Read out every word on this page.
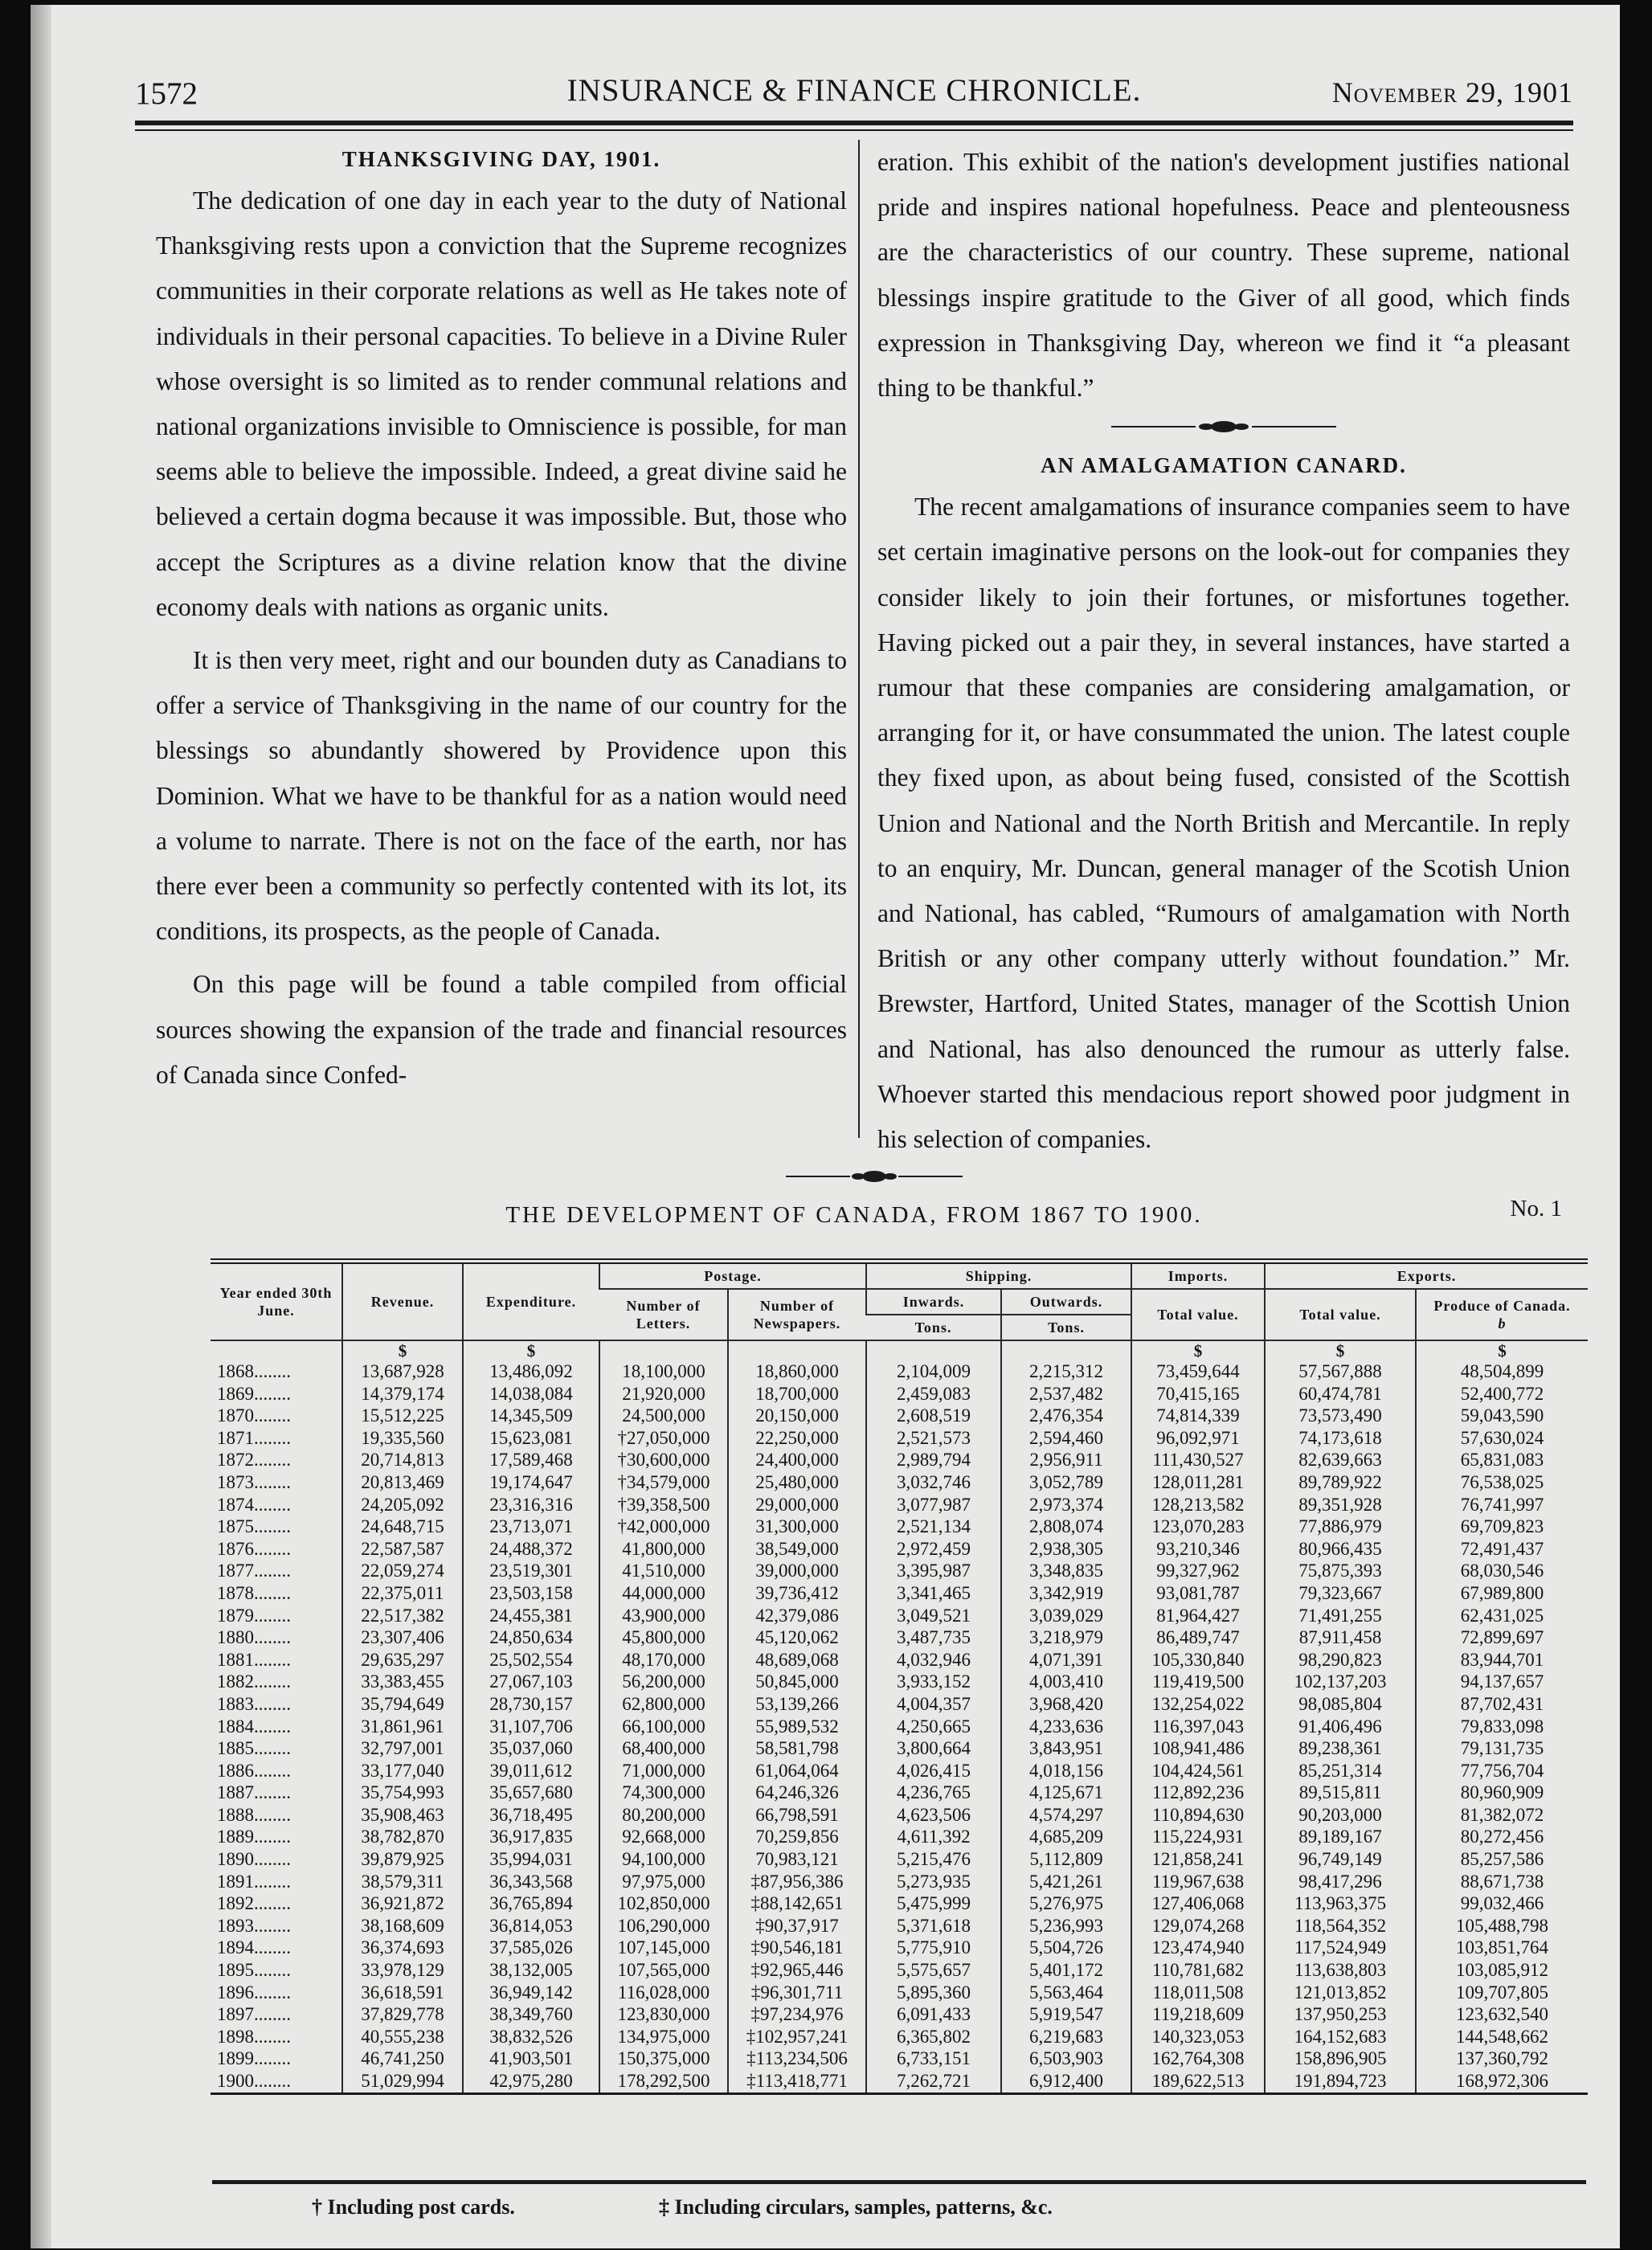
1572	INSURANCE & FINANCE CHRONICLE.	November 29, 1901
THANKSGIVING DAY, 1901.

The dedication of one day in each year to the duty of National Thanksgiving rests upon a conviction that the Supreme recognizes communities in their corporate relations as well as He takes note of individuals in their personal capacities. To believe in a Divine Ruler whose oversight is so limited as to render communal relations and national organizations invisible to Omniscience is possible, for man seems able to believe the impossible. Indeed, a great divine said he believed a certain dogma because it was impossible. But, those who accept the Scriptures as a divine relation know that the divine economy deals with nations as organic units.

It is then very meet, right and our bounden duty as Canadians to offer a service of Thanksgiving in the name of our country for the blessings so abundantly showered by Providence upon this Dominion. What we have to be thankful for as a nation would need a volume to narrate. There is not on the face of the earth, nor has there ever been a community so perfectly contented with its lot, its conditions, its prospects, as the people of Canada.

On this page will be found a table compiled from official sources showing the expansion of the trade and financial resources of Canada since Confed-

eration. This exhibit of the nation's development justifies national pride and inspires national hopefulness. Peace and plenteousness are the characteristics of our country. These supreme, national blessings inspire gratitude to the Giver of all good, which finds expression in Thanksgiving Day, whereon we find it “a pleasant thing to be thankful.”

AN AMALGAMATION CANARD.

The recent amalgamations of insurance companies seem to have set certain imaginative persons on the look-out for companies they consider likely to join their fortunes, or misfortunes together. Having picked out a pair they, in several instances, have started a rumour that these companies are considering amalgamation, or arranging for it, or have consummated the union. The latest couple they fixed upon, as about being fused, consisted of the Scottish Union and National and the North British and Mercantile. In reply to an enquiry, Mr. Duncan, general manager of the Scotish Union and National, has cabled, “Rumours of amalgamation with North British or any other company utterly without foundation.” Mr. Brewster, Hartford, United States, manager of the Scottish Union and National, has also denounced the rumour as utterly false. Whoever started this mendacious report showed poor judgment in his selection of companies.

THE DEVELOPMENT OF CANADA, FROM 1867 TO 1900.	No. 1
Year ended 30th June.	Revenue.	Expenditure.	Postage.		Shipping.		Imports.	Exports.	
			Number of Letters.	Number of Newspapers.	Inwards.	Outwards.	Total value.	Total value.	Produce of Canada.
b
					Tons.	Tons.			
	$	$					$	$	$
1868........	13,687,928	13,486,092	18,100,000	18,860,000	2,104,009	2,215,312	73,459,644	57,567,888	48,504,899
1869........	14,379,174	14,038,084	21,920,000	18,700,000	2,459,083	2,537,482	70,415,165	60,474,781	52,400,772
1870........	15,512,225	14,345,509	24,500,000	20,150,000	2,608,519	2,476,354	74,814,339	73,573,490	59,043,590
1871........	19,335,560	15,623,081	†27,050,000	22,250,000	2,521,573	2,594,460	96,092,971	74,173,618	57,630,024
1872........	20,714,813	17,589,468	†30,600,000	24,400,000	2,989,794	2,956,911	111,430,527	82,639,663	65,831,083
1873........	20,813,469	19,174,647	†34,579,000	25,480,000	3,032,746	3,052,789	128,011,281	89,789,922	76,538,025
1874........	24,205,092	23,316,316	†39,358,500	29,000,000	3,077,987	2,973,374	128,213,582	89,351,928	76,741,997
1875........	24,648,715	23,713,071	†42,000,000	31,300,000	2,521,134	2,808,074	123,070,283	77,886,979	69,709,823
1876........	22,587,587	24,488,372	41,800,000	38,549,000	2,972,459	2,938,305	93,210,346	80,966,435	72,491,437
1877........	22,059,274	23,519,301	41,510,000	39,000,000	3,395,987	3,348,835	99,327,962	75,875,393	68,030,546
1878........	22,375,011	23,503,158	44,000,000	39,736,412	3,341,465	3,342,919	93,081,787	79,323,667	67,989,800
1879........	22,517,382	24,455,381	43,900,000	42,379,086	3,049,521	3,039,029	81,964,427	71,491,255	62,431,025
1880........	23,307,406	24,850,634	45,800,000	45,120,062	3,487,735	3,218,979	86,489,747	87,911,458	72,899,697
1881........	29,635,297	25,502,554	48,170,000	48,689,068	4,032,946	4,071,391	105,330,840	98,290,823	83,944,701
1882........	33,383,455	27,067,103	56,200,000	50,845,000	3,933,152	4,003,410	119,419,500	102,137,203	94,137,657
1883........	35,794,649	28,730,157	62,800,000	53,139,266	4,004,357	3,968,420	132,254,022	98,085,804	87,702,431
1884........	31,861,961	31,107,706	66,100,000	55,989,532	4,250,665	4,233,636	116,397,043	91,406,496	79,833,098
1885........	32,797,001	35,037,060	68,400,000	58,581,798	3,800,664	3,843,951	108,941,486	89,238,361	79,131,735
1886........	33,177,040	39,011,612	71,000,000	61,064,064	4,026,415	4,018,156	104,424,561	85,251,314	77,756,704
1887........	35,754,993	35,657,680	74,300,000	64,246,326	4,236,765	4,125,671	112,892,236	89,515,811	80,960,909
1888........	35,908,463	36,718,495	80,200,000	66,798,591	4,623,506	4,574,297	110,894,630	90,203,000	81,382,072
1889........	38,782,870	36,917,835	92,668,000	70,259,856	4,611,392	4,685,209	115,224,931	89,189,167	80,272,456
1890........	39,879,925	35,994,031	94,100,000	70,983,121	5,215,476	5,112,809	121,858,241	96,749,149	85,257,586
1891........	38,579,311	36,343,568	97,975,000	‡87,956,386	5,273,935	5,421,261	119,967,638	98,417,296	88,671,738
1892........	36,921,872	36,765,894	102,850,000	‡88,142,651	5,475,999	5,276,975	127,406,068	113,963,375	99,032,466
1893........	38,168,609	36,814,053	106,290,000	‡90,37,917	5,371,618	5,236,993	129,074,268	118,564,352	105,488,798
1894........	36,374,693	37,585,026	107,145,000	‡90,546,181	5,775,910	5,504,726	123,474,940	117,524,949	103,851,764
1895........	33,978,129	38,132,005	107,565,000	‡92,965,446	5,575,657	5,401,172	110,781,682	113,638,803	103,085,912
1896........	36,618,591	36,949,142	116,028,000	‡96,301,711	5,895,360	5,563,464	118,011,508	121,013,852	109,707,805
1897........	37,829,778	38,349,760	123,830,000	‡97,234,976	6,091,433	5,919,547	119,218,609	137,950,253	123,632,540
1898........	40,555,238	38,832,526	134,975,000	‡102,957,241	6,365,802	6,219,683	140,323,053	164,152,683	144,548,662
1899........	46,741,250	41,903,501	150,375,000	‡113,234,506	6,733,151	6,503,903	162,764,308	158,896,905	137,360,792
1900........	51,029,994	42,975,280	178,292,500	‡113,418,771	7,262,721	6,912,400	189,622,513	191,894,723	168,972,306
† Including post cards.	‡ Including circulars, samples, patterns, &c.
